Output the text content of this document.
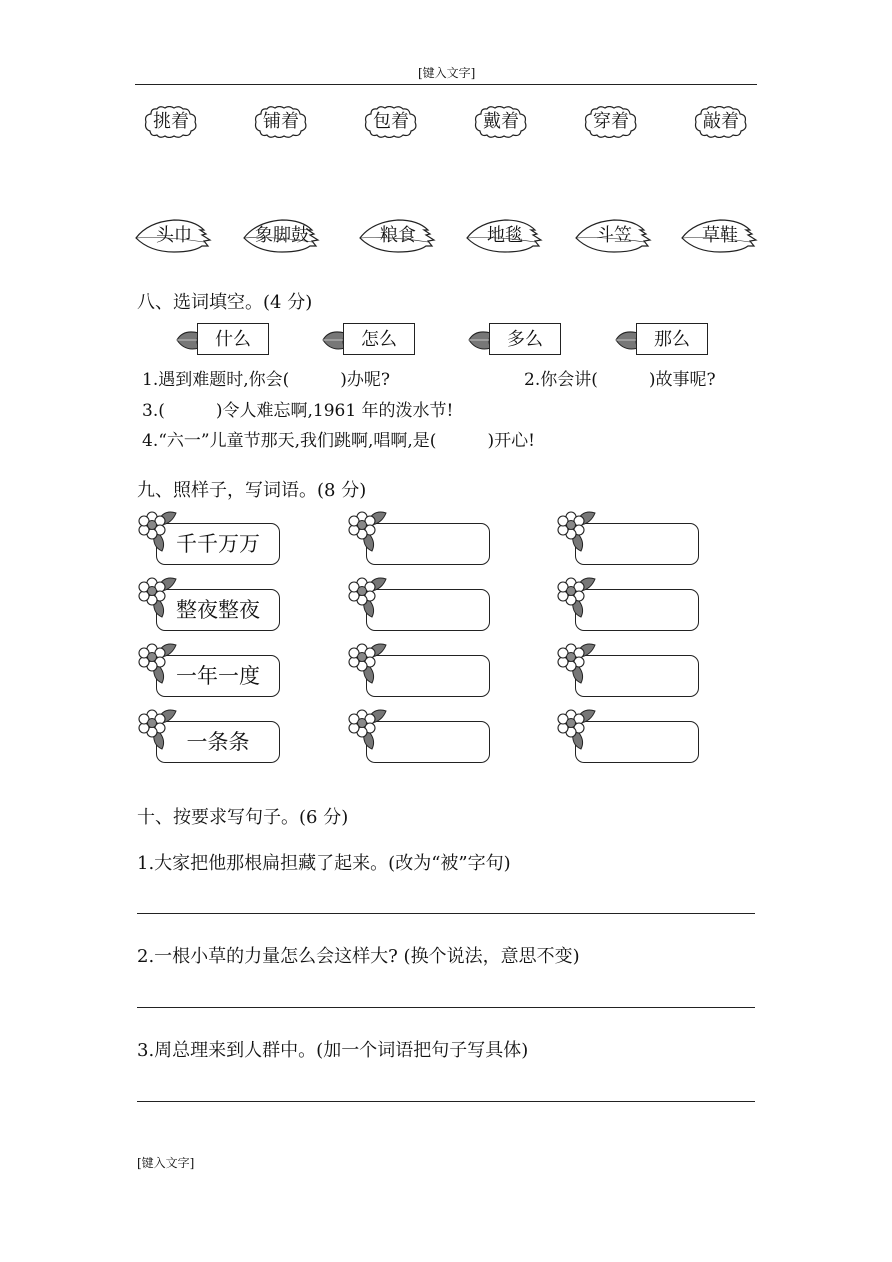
[键入文字]
挑着	铺着	包着	戴着	穿着	敲着
头巾	象脚鼓	粮食	地毯	斗笠	草鞋
八、选词填空。(4 分)
什么	怎么	多么	那么
1.遇到难题时,你会(　　　)办呢?	2.你会讲(　　　)故事呢?
3.(　　　)令人难忘啊,1961 年的泼水节!
4.“六一”儿童节那天,我们跳啊,唱啊,是(　　　)开心!
九、照样子，写词语。(8 分)
千千万万
整夜整夜
一年一度
一条条
十、按要求写句子。(6 分)
1.大家把他那根扁担藏了起来。(改为“被”字句)
2.一根小草的力量怎么会这样大? (换个说法，意思不变)
3.周总理来到人群中。(加一个词语把句子写具体)
[键入文字]
